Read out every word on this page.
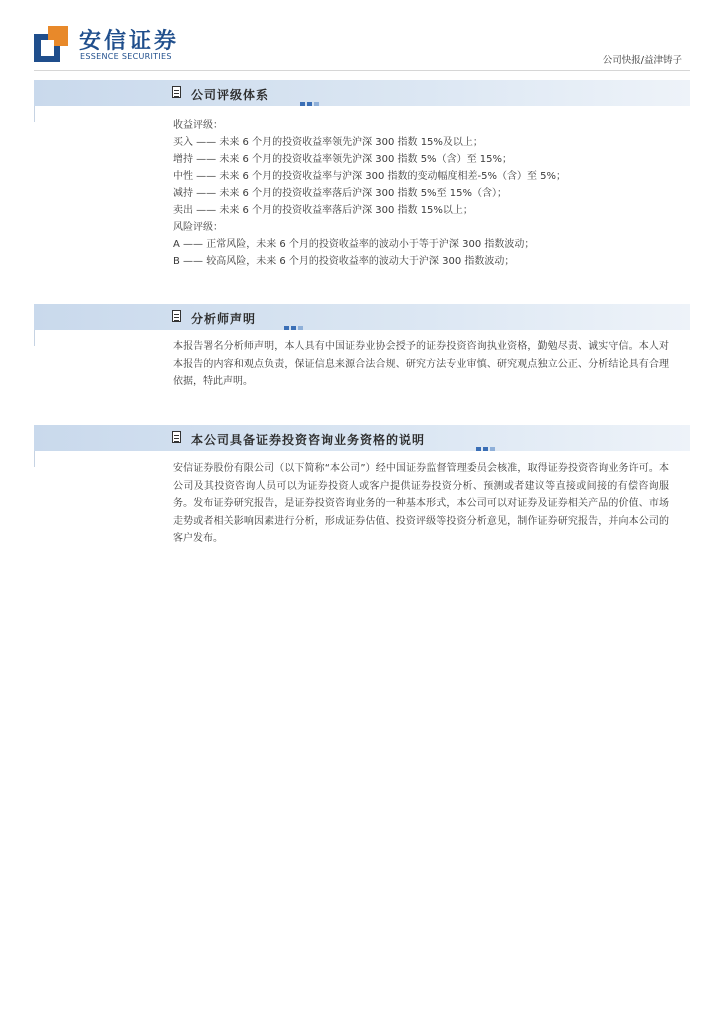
安信证券
ESSENCE SECURITIES	公司快报/益津铸子
公司评级体系
收益评级：
买入 —— 未来 6 个月的投资收益率领先沪深 300 指数 15%及以上；
增持 —— 未来 6 个月的投资收益率领先沪深 300 指数 5%（含）至 15%；
中性 —— 未来 6 个月的投资收益率与沪深 300 指数的变动幅度相差-5%（含）至 5%；
减持 —— 未来 6 个月的投资收益率落后沪深 300 指数 5%至 15%（含）；
卖出 —— 未来 6 个月的投资收益率落后沪深 300 指数 15%以上；
风险评级：
A —— 正常风险，未来 6 个月的投资收益率的波动小于等于沪深 300 指数波动；
B —— 较高风险，未来 6 个月的投资收益率的波动大于沪深 300 指数波动；
分析师声明
本报告署名分析师声明，本人具有中国证券业协会授予的证券投资咨询执业资格，勤勉尽责、诚实守信。本人对本报告的内容和观点负责，保证信息来源合法合规、研究方法专业审慎、研究观点独立公正、分析结论具有合理依据，特此声明。
本公司具备证券投资咨询业务资格的说明
安信证券股份有限公司（以下简称“本公司”）经中国证券监督管理委员会核准，取得证券投资咨询业务许可。本公司及其投资咨询人员可以为证券投资人或客户提供证券投资分析、预测或者建议等直接或间接的有偿咨询服务。发布证券研究报告，是证券投资咨询业务的一种基本形式，本公司可以对证券及证券相关产品的价值、市场走势或者相关影响因素进行分析，形成证券估值、投资评级等投资分析意见，制作证券研究报告，并向本公司的客户发布。
